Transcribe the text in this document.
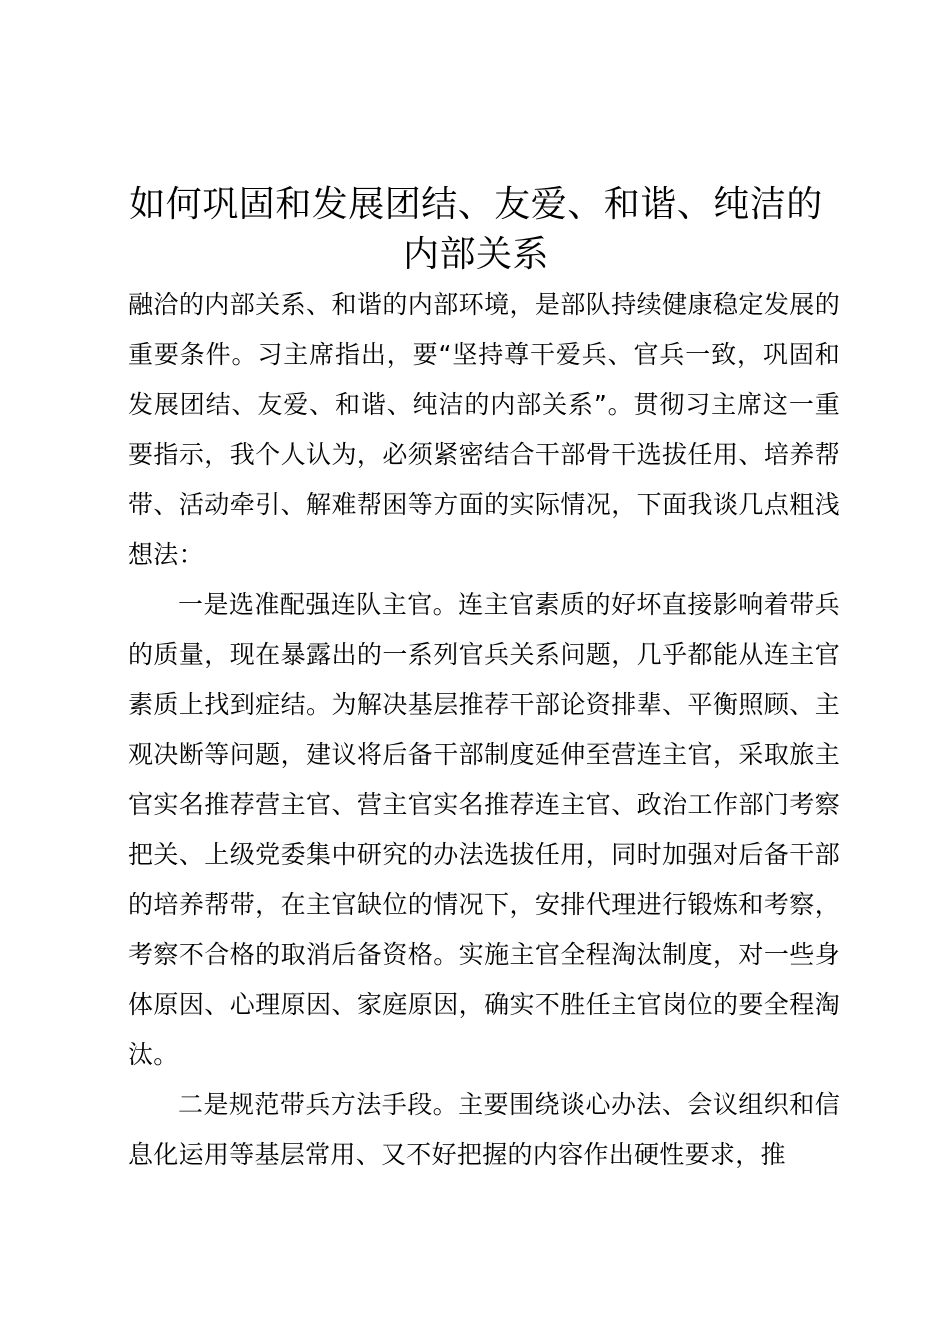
如何巩固和发展团结、友爱、和谐、纯洁的内部关系

融洽的内部关系、和谐的内部环境，是部队持续健康稳定发展的重要条件。习主席指出，要“坚持尊干爱兵、官兵一致，巩固和发展团结、友爱、和谐、纯洁的内部关系”。贯彻习主席这一重要指示，我个人认为，必须紧密结合干部骨干选拔任用、培养帮带、活动牵引、解难帮困等方面的实际情况，下面我谈几点粗浅想法：

一是选准配强连队主官。连主官素质的好坏直接影响着带兵的质量，现在暴露出的一系列官兵关系问题，几乎都能从连主官素质上找到症结。为解决基层推荐干部论资排辈、平衡照顾、主观决断等问题，建议将后备干部制度延伸至营连主官，采取旅主官实名推荐营主官、营主官实名推荐连主官、政治工作部门考察把关、上级党委集中研究的办法选拔任用，同时加强对后备干部的培养帮带，在主官缺位的情况下，安排代理进行锻炼和考察，考察不合格的取消后备资格。实施主官全程淘汰制度，对一些身体原因、心理原因、家庭原因，确实不胜任主官岗位的要全程淘汰。

二是规范带兵方法手段。主要围绕谈心办法、会议组织和信息化运用等基层常用、又不好把握的内容作出硬性要求，推
